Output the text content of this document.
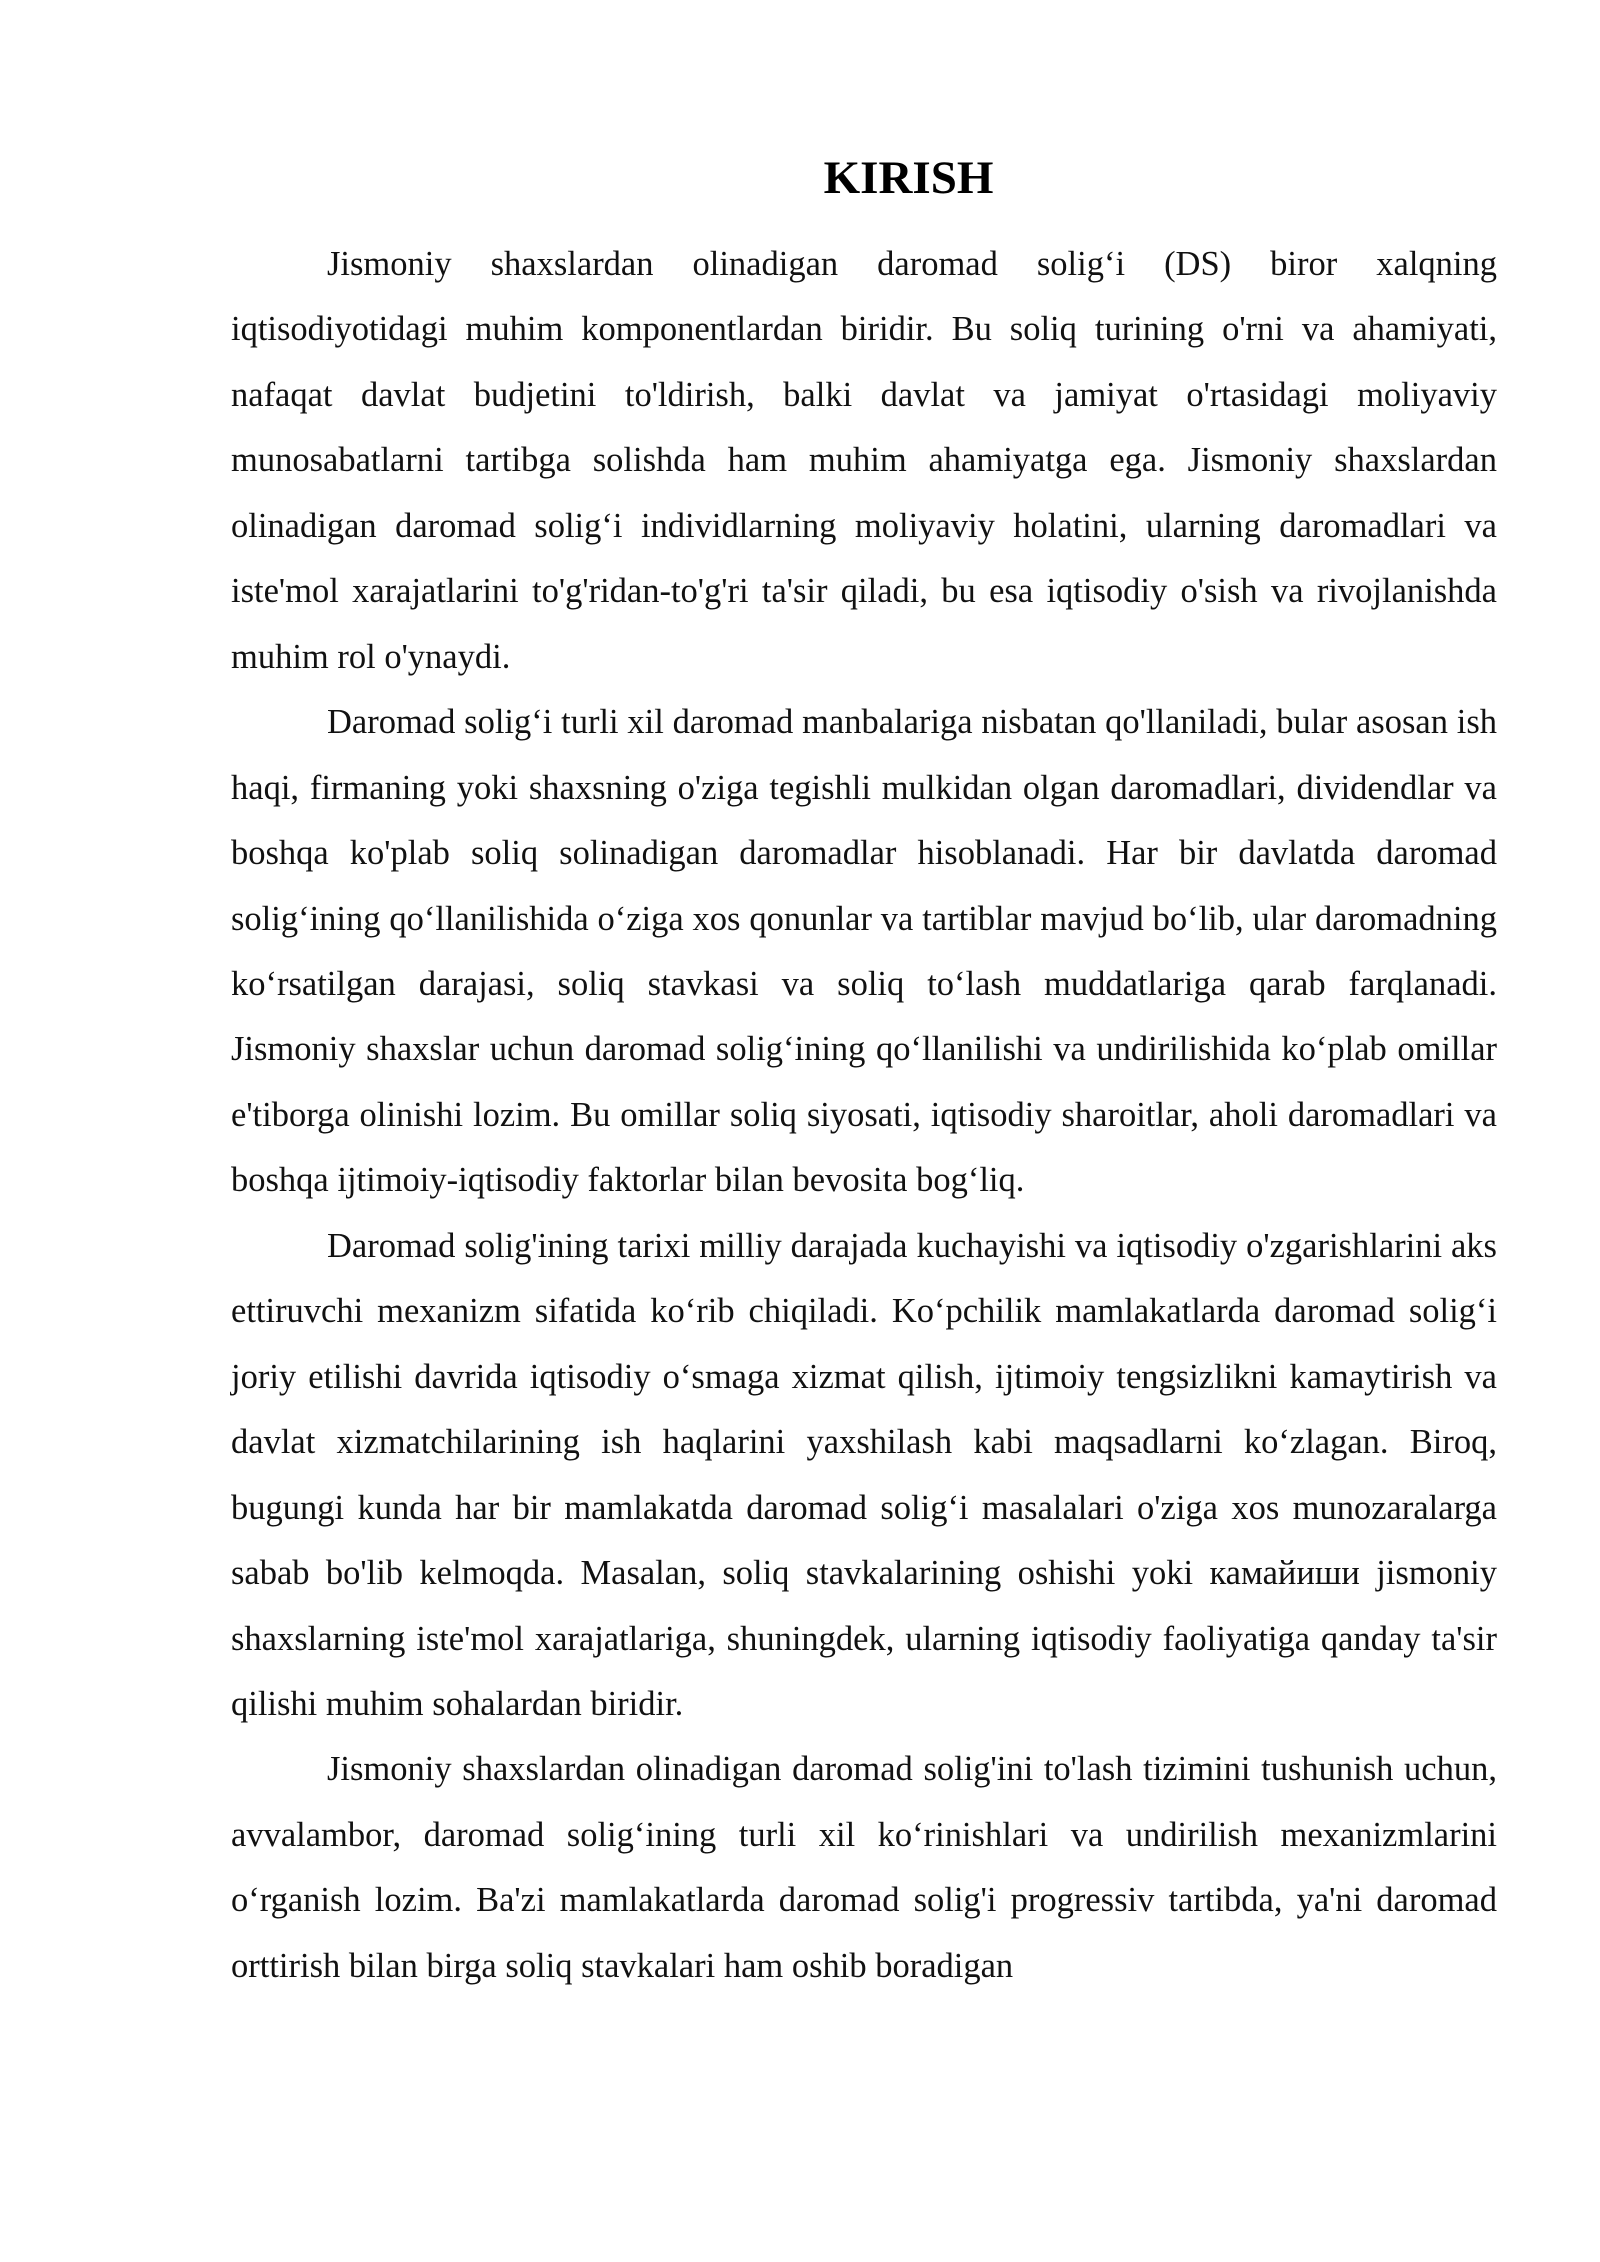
KIRISH

Jismoniy shaxslardan olinadigan daromad solig‘i (DS) biror xalqning iqtisodiyotidagi muhim komponentlardan biridir. Bu soliq turining o'rni va ahamiyati, nafaqat davlat budjetini to'ldirish, balki davlat va jamiyat o'rtasidagi moliyaviy munosabatlarni tartibga solishda ham muhim ahamiyatga ega. Jismoniy shaxslardan olinadigan daromad solig‘i individlarning moliyaviy holatini, ularning daromadlari va iste'mol xarajatlarini to'g'ridan-to'g'ri ta'sir qiladi, bu esa iqtisodiy o'sish va rivojlanishda muhim rol o'ynaydi.

Daromad solig‘i turli xil daromad manbalariga nisbatan qo'llaniladi, bular asosan ish haqi, firmaning yoki shaxsning o'ziga tegishli mulkidan olgan daromadlari, dividendlar va boshqa ko'plab soliq solinadigan daromadlar hisoblanadi. Har bir davlatda daromad solig‘ining qo‘llanilishida o‘ziga xos qonunlar va tartiblar mavjud bo‘lib, ular daromadning ko‘rsatilgan darajasi, soliq stavkasi va soliq to‘lash muddatlariga qarab farqlanadi. Jismoniy shaxslar uchun daromad solig‘ining qo‘llanilishi va undirilishida ko‘plab omillar e'tiborga olinishi lozim. Bu omillar soliq siyosati, iqtisodiy sharoitlar, aholi daromadlari va boshqa ijtimoiy-iqtisodiy faktorlar bilan bevosita bog‘liq.

Daromad solig'ining tarixi milliy darajada kuchayishi va iqtisodiy o'zgarishlarini aks ettiruvchi mexanizm sifatida ko‘rib chiqiladi. Ko‘pchilik mamlakatlarda daromad solig‘i joriy etilishi davrida iqtisodiy o‘smaga xizmat qilish, ijtimoiy tengsizlikni kamaytirish va davlat xizmatchilarining ish haqlarini yaxshilash kabi maqsadlarni ko‘zlagan. Biroq, bugungi kunda har bir mamlakatda daromad solig‘i masalalari o'ziga xos munozaralarga sabab bo'lib kelmoqda. Masalan, soliq stavkalarining oshishi yoki камайиши jismoniy shaxslarning iste'mol xarajatlariga, shuningdek, ularning iqtisodiy faoliyatiga qanday ta'sir qilishi muhim sohalardan biridir.

Jismoniy shaxslardan olinadigan daromad solig'ini to'lash tizimini tushunish uchun, avvalambor, daromad solig‘ining turli xil ko‘rinishlari va undirilish mexanizmlarini o‘rganish lozim. Ba'zi mamlakatlarda daromad solig'i progressiv tartibda, ya'ni daromad orttirish bilan birga soliq stavkalari ham oshib boradigan
